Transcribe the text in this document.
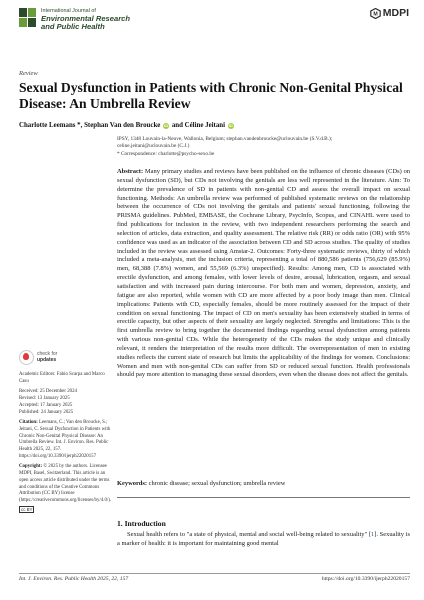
International Journal of
Environmental Research
and Public Health
M MDPI
Review
Sexual Dysfunction in Patients with Chronic Non-Genital Physical Disease: An Umbrella Review
Charlotte Leemans *, Stephan Van den Broucke iD and Céline Jeitani iD
IPSY, 1348 Louvain-la-Neuve, Wallonia, Belgium; stephan.vandenbroucke@uclouvain.be (S.V.d.B.);
celine.jeitani@uclouvain.be (C.J.)
* Correspondence: charlotte@psycho-sexo.be
Abstract: Many primary studies and reviews have been published on the influence of chronic diseases (CDs) on sexual dysfunction (SD), but CDs not involving the genitals are less well represented in the literature. Aim: To determine the prevalence of SD in patients with non-genital CD and assess the overall impact on sexual functioning. Methods: An umbrella review was performed of published systematic reviews on the relationship between the occurrence of CDs not involving the genitals and patients' sexual functioning, following the PRISMA guidelines. PubMed, EMBASE, the Cochrane Library, PsycInfo, Scopus, and CINAHL were used to find publications for inclusion in the review, with two independent researchers performing the search and selection of articles, data extraction, and quality assessment. The relative risk (RR) or odds ratio (OR) with 95% confidence was used as an indicator of the association between CD and SD across studies. The quality of studies included in the review was assessed using Amstar-2. Outcomes: Forty-three systematic reviews, thirty of which included a meta-analysis, met the inclusion criteria, representing a total of 880,586 patients (756,629 (85.9%) men, 68,388 (7.8%) women, and 55,569 (6.3%) unspecified). Results: Among men, CD is associated with erectile dysfunction, and among females, with lower levels of desire, arousal, lubrication, orgasm, and sexual satisfaction and with increased pain during intercourse. For both men and women, depression, anxiety, and fatigue are also reported, while women with CD are more affected by a poor body image than men. Clinical implications: Patients with CD, especially females, should be more routinely assessed for the impact of their condition on sexual functioning. The impact of CD on men's sexuality has been extensively studied in terms of erectile capacity, but other aspects of their sexuality are largely neglected. Strengths and limitations: This is the first umbrella review to bring together the documented findings regarding sexual dysfunction among patients with various non-genital CDs. While the heterogeneity of the CDs makes the study unique and clinically relevant, it renders the interpretation of the results more difficult. The overrepresentation of men in existing studies reflects the current state of research but limits the applicability of the findings for women. Conclusions: Women and men with non-genital CDs can suffer from SD or reduced sexual function. Health professionals should pay more attention to managing these sexual disorders, even when the disease does not affect the genitals.
Keywords: chronic disease; sexual dysfunction; umbrella review
check for
updates
Academic Editors: Fabio Scarpa and Marco Casu
Received: 25 December 2024
Revised: 13 January 2025
Accepted: 17 January 2025
Published: 24 January 2025
Citation: Leemans, C.; Van den Broucke, S.; Jeitani, C. Sexual Dysfunction in Patients with Chronic Non-Genital Physical Disease: An Umbrella Review. Int. J. Environ. Res. Public Health 2025, 22, 157. https://doi.org/10.3390/ijerph22020157
Copyright: © 2025 by the authors. Licensee MDPI, Basel, Switzerland. This article is an open access article distributed under the terms and conditions of the Creative Commons Attribution (CC BY) license (https://creativecommons.org/licenses/by/4.0/).
cc BY
1. Introduction
Sexual health refers to "a state of physical, mental and social well-being related to sexuality" [1]. Sexuality is a marker of health: it is important for maintaining good mental
Int. J. Environ. Res. Public Health 2025, 22, 157	https://doi.org/10.3390/ijerph22020157
